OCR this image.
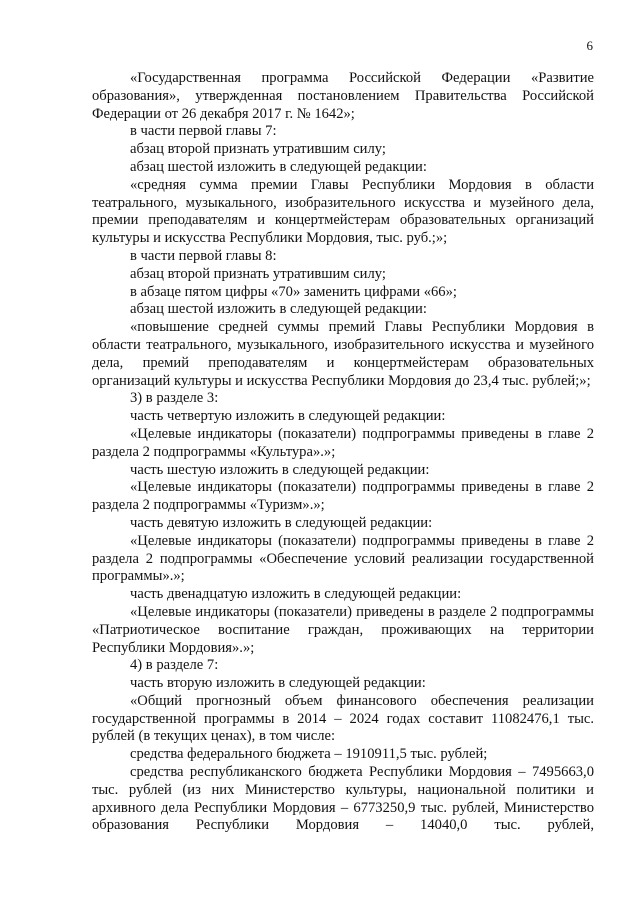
6

«Государственная программа Российской Федерации «Развитие образования», утвержденная постановлением Правительства Российской Федерации от 26 декабря 2017 г. № 1642»;

в части первой главы 7:

абзац второй признать утратившим силу;

абзац шестой изложить в следующей редакции:

«средняя сумма премии Главы Республики Мордовия в области театрального, музыкального, изобразительного искусства и музейного дела, премии преподавателям и концертмейстерам образовательных организаций культуры и искусства Республики Мордовия, тыс. руб.;»;

в части первой главы 8:

абзац второй признать утратившим силу;

в абзаце пятом цифры «70» заменить цифрами «66»;

абзац шестой изложить в следующей редакции:

«повышение средней суммы премий Главы Республики Мордовия в области театрального, музыкального, изобразительного искусства и музейного дела, премий преподавателям и концертмейстерам образовательных организаций культуры и искусства Республики Мордовия до 23,4 тыс. рублей;»;

3) в разделе 3:

часть четвертую изложить в следующей редакции:

«Целевые индикаторы (показатели) подпрограммы приведены в главе 2 раздела 2 подпрограммы «Культура».»;

часть шестую изложить в следующей редакции:

«Целевые индикаторы (показатели) подпрограммы приведены в главе 2 раздела 2 подпрограммы «Туризм».»;

часть девятую изложить в следующей редакции:

«Целевые индикаторы (показатели) подпрограммы приведены в главе 2 раздела 2 подпрограммы «Обеспечение условий реализации государственной программы».»;

часть двенадцатую изложить в следующей редакции:

«Целевые индикаторы (показатели) приведены в разделе 2 подпрограммы «Патриотическое воспитание граждан, проживающих на территории Республики Мордовия».»;

4) в разделе 7:

часть вторую изложить в следующей редакции:

«Общий прогнозный объем финансового обеспечения реализации государственной программы в 2014 – 2024 годах составит 11082476,1 тыс. рублей (в текущих ценах), в том числе:

средства федерального бюджета – 1910911,5 тыс. рублей;

средства республиканского бюджета Республики Мордовия – 7495663,0 тыс. рублей (из них Министерство культуры, национальной политики и архивного дела Республики Мордовия – 6773250,9 тыс. рублей, Министерство образования Республики Мордовия – 14040,0 тыс. рублей,
